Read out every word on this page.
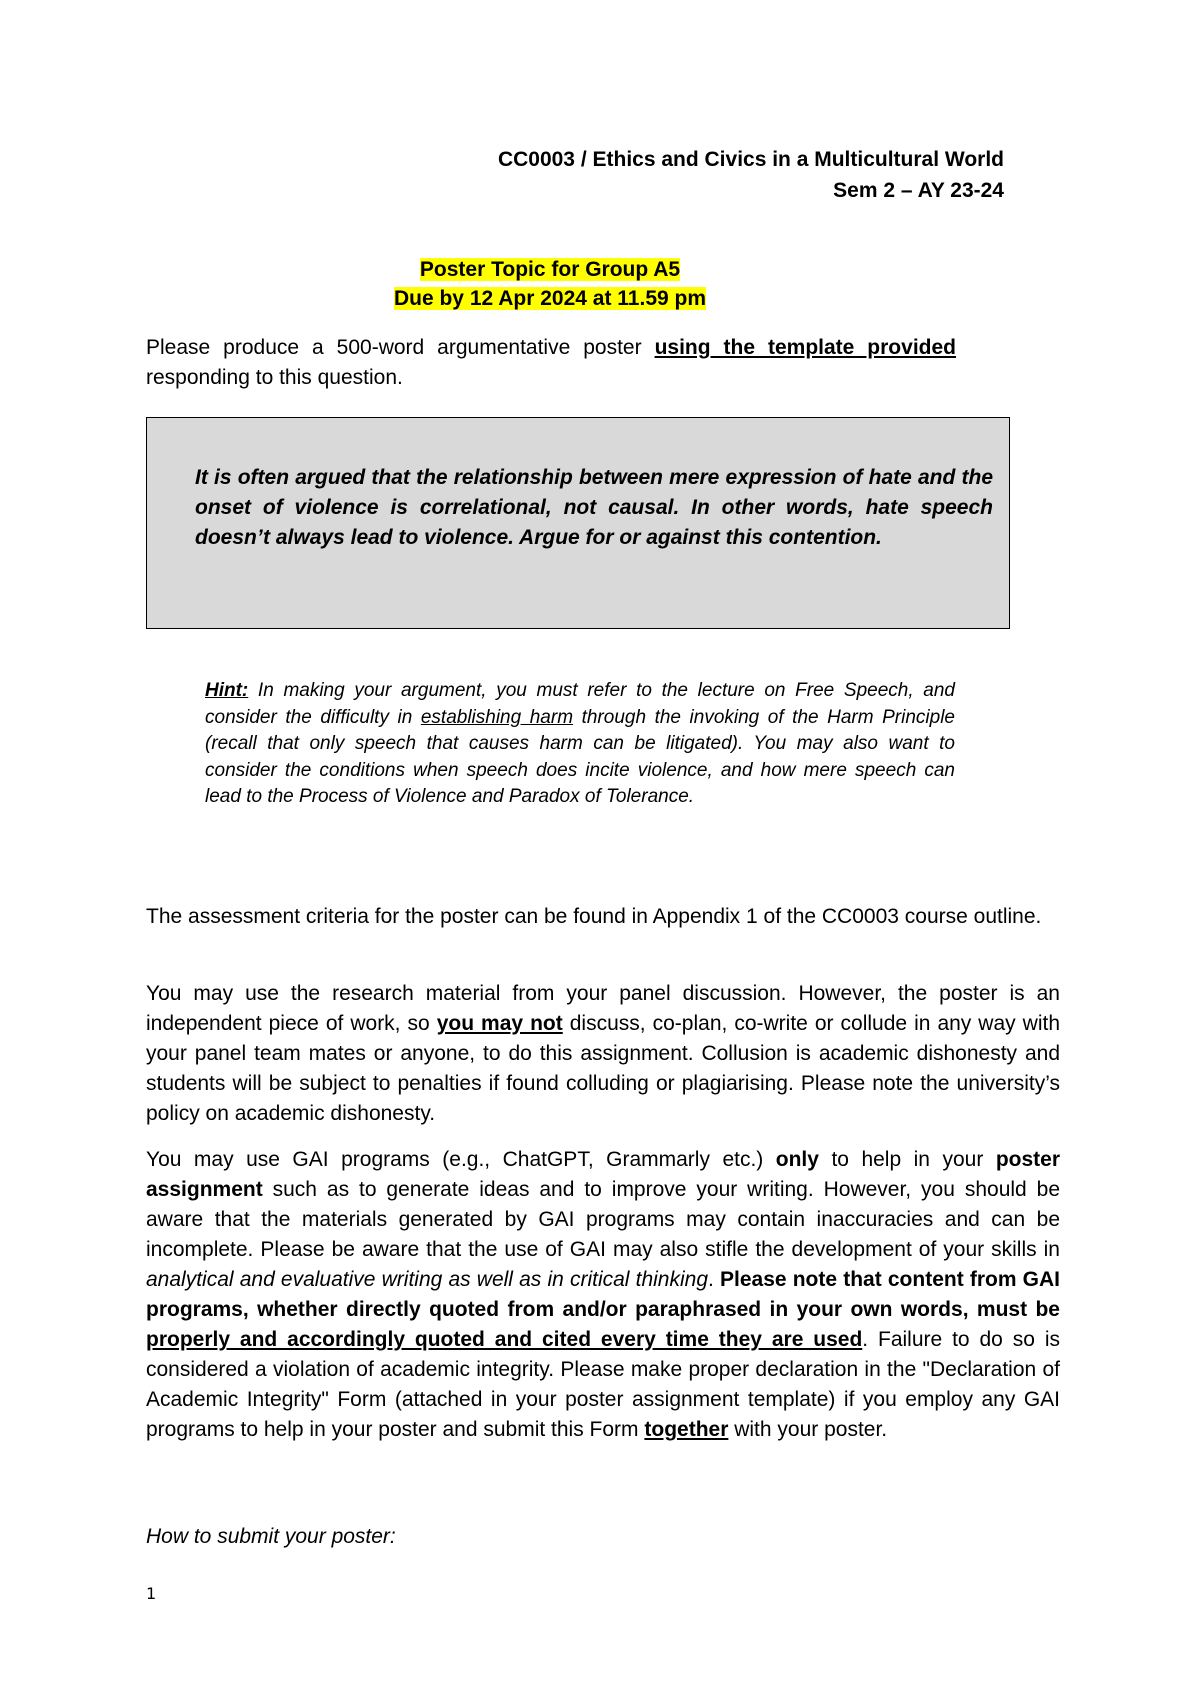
CC0003 / Ethics and Civics in a Multicultural World
Sem 2 – AY 23-24
Poster Topic for Group A5
Due by 12 Apr 2024 at 11.59 pm
Please produce a 500-word argumentative poster using the template provided responding to this question.
It is often argued that the relationship between mere expression of hate and the onset of violence is correlational, not causal. In other words, hate speech doesn’t always lead to violence. Argue for or against this contention.
Hint: In making your argument, you must refer to the lecture on Free Speech, and consider the difficulty in establishing harm through the invoking of the Harm Principle (recall that only speech that causes harm can be litigated). You may also want to consider the conditions when speech does incite violence, and how mere speech can lead to the Process of Violence and Paradox of Tolerance.
The assessment criteria for the poster can be found in Appendix 1 of the CC0003 course outline.
You may use the research material from your panel discussion. However, the poster is an independent piece of work, so you may not discuss, co-plan, co-write or collude in any way with your panel team mates or anyone, to do this assignment. Collusion is academic dishonesty and students will be subject to penalties if found colluding or plagiarising. Please note the university’s policy on academic dishonesty.
You may use GAI programs (e.g., ChatGPT, Grammarly etc.) only to help in your poster assignment such as to generate ideas and to improve your writing. However, you should be aware that the materials generated by GAI programs may contain inaccuracies and can be incomplete. Please be aware that the use of GAI may also stifle the development of your skills in analytical and evaluative writing as well as in critical thinking. Please note that content from GAI programs, whether directly quoted from and/or paraphrased in your own words, must be properly and accordingly quoted and cited every time they are used. Failure to do so is considered a violation of academic integrity. Please make proper declaration in the "Declaration of Academic Integrity" Form (attached in your poster assignment template) if you employ any GAI programs to help in your poster and submit this Form together with your poster.
How to submit your poster:
1
